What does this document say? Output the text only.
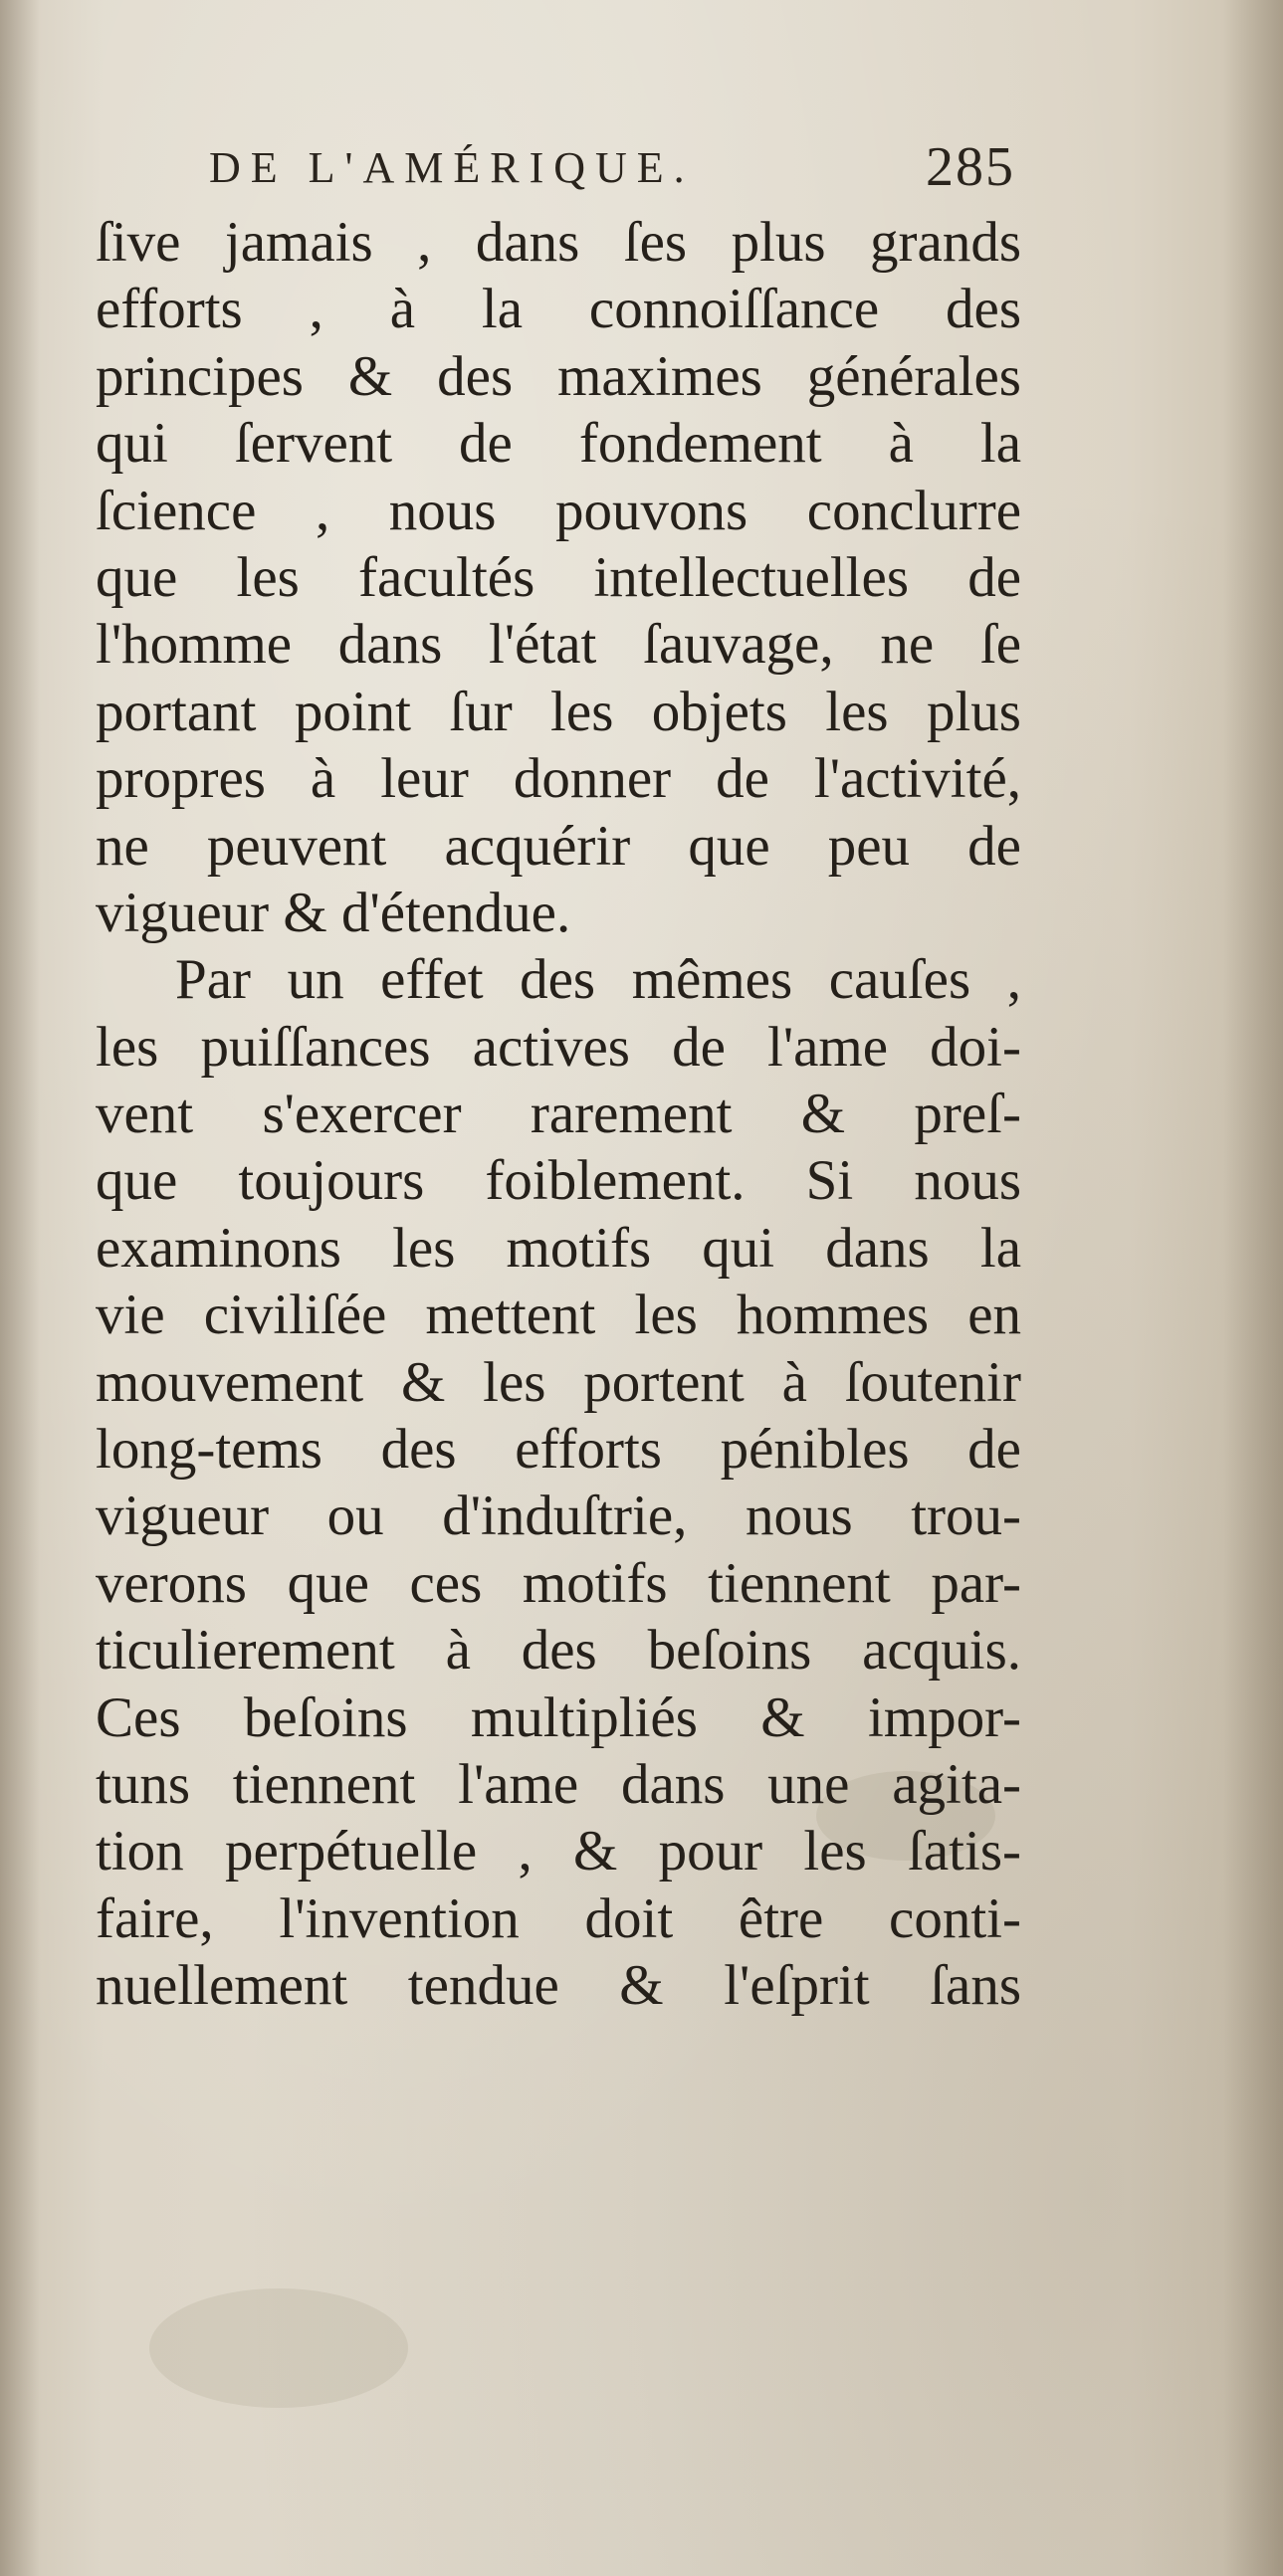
DE L'AMÉRIQUE.	285
ſive jamais , dans ſes plus grands
efforts , à la connoiſſance des
principes & des maximes générales
qui ſervent de fondement à la
ſcience , nous pouvons conclurre
que les facultés intellectuelles de
l'homme dans l'état ſauvage, ne ſe
portant point ſur les objets les plus
propres à leur donner de l'activité,
ne peuvent acquérir que peu de
vigueur & d'étendue.
Par un effet des mêmes cauſes ,
les puiſſances actives de l'ame doi-
vent s'exercer rarement & preſ-
que toujours foiblement. Si nous
examinons les motifs qui dans la
vie civiliſée mettent les hommes en
mouvement & les portent à ſoutenir
long-tems des efforts pénibles de
vigueur ou d'induſtrie, nous trou-
verons que ces motifs tiennent par-
ticulierement à des beſoins acquis.
Ces beſoins multipliés & impor-
tuns tiennent l'ame dans une agita-
tion perpétuelle , & pour les ſatis-
faire, l'invention doit être conti-
nuellement tendue & l'eſprit ſans
